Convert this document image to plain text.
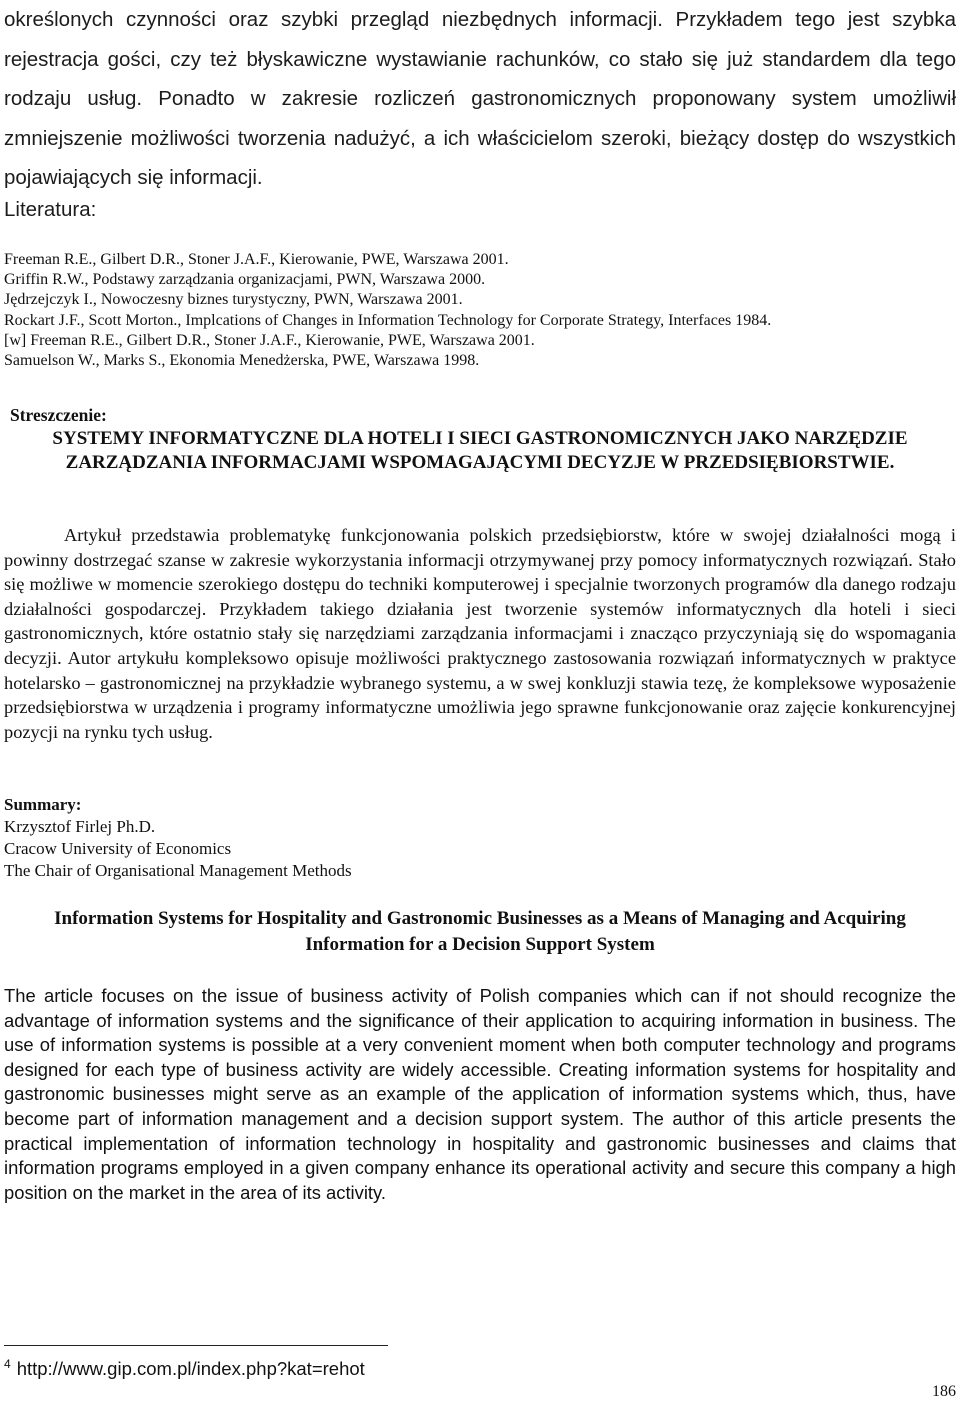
określonych czynności oraz szybki przegląd niezbędnych informacji. Przykładem tego jest szybka rejestracja gości, czy też błyskawiczne wystawianie rachunków, co stało się już standardem dla tego rodzaju usług. Ponadto w zakresie rozliczeń gastronomicznych proponowany system umożliwił zmniejszenie możliwości tworzenia nadużyć, a ich właścicielom szeroki, bieżący dostęp do wszystkich pojawiających się informacji.

Literatura:
Freeman R.E., Gilbert D.R., Stoner J.A.F., Kierowanie, PWE, Warszawa 2001.
Griffin R.W., Podstawy zarządzania organizacjami, PWN, Warszawa 2000.
Jędrzejczyk I., Nowoczesny biznes turystyczny, PWN, Warszawa 2001.
Rockart J.F., Scott Morton., Implcations of Changes in Information Technology for Corporate Strategy, Interfaces 1984.
[w] Freeman R.E., Gilbert D.R., Stoner J.A.F., Kierowanie, PWE, Warszawa 2001.
Samuelson W., Marks S., Ekonomia Menedżerska, PWE, Warszawa 1998.
Streszczenie:
SYSTEMY INFORMATYCZNE DLA HOTELI I SIECI GASTRONOMICZNYCH JAKO NARZĘDZIE ZARZĄDZANIA INFORMACJAMI WSPOMAGAJĄCYMI DECYZJE W PRZEDSIĘBIORSTWIE.

Artykuł przedstawia problematykę funkcjonowania polskich przedsiębiorstw, które w swojej działalności mogą i powinny dostrzegać szanse w zakresie wykorzystania informacji otrzymywanej przy pomocy informatycznych rozwiązań. Stało się możliwe w momencie szerokiego dostępu do techniki komputerowej i specjalnie tworzonych programów dla danego rodzaju działalności gospodarczej. Przykładem takiego działania jest tworzenie systemów informatycznych dla hoteli i sieci gastronomicznych, które ostatnio stały się narzędziami zarządzania informacjami i znacząco przyczyniają się do wspomagania decyzji. Autor artykułu kompleksowo opisuje możliwości praktycznego zastosowania rozwiązań informatycznych w praktyce hotelarsko – gastronomicznej na przykładzie wybranego systemu, a w swej konkluzji stawia tezę, że kompleksowe wyposażenie przedsiębiorstwa w urządzenia i programy informatyczne umożliwia jego sprawne funkcjonowanie oraz zajęcie konkurencyjnej pozycji na rynku tych usług.

Summary:
Krzysztof Firlej Ph.D.
Cracow University of Economics
The Chair of Organisational Management Methods
Information Systems for Hospitality and Gastronomic Businesses as a Means of Managing and Acquiring Information for a Decision Support System

The article focuses on the issue of business activity of Polish companies which can if not should recognize the advantage of information systems and the significance of their application to acquiring information in business. The use of information systems is possible at a very convenient moment when both computer technology and programs designed for each type of business activity are widely accessible. Creating information systems for hospitality and gastronomic businesses might serve as an example of the application of information systems which, thus, have become part of information management and a decision support system. The author of this article presents the practical implementation of information technology in hospitality and gastronomic businesses and claims that information programs employed in a given company enhance its operational activity and secure this company a high position on the market in the area of its activity.

$^4$ http://www.gip.com.pl/index.php?kat=rehot

186
